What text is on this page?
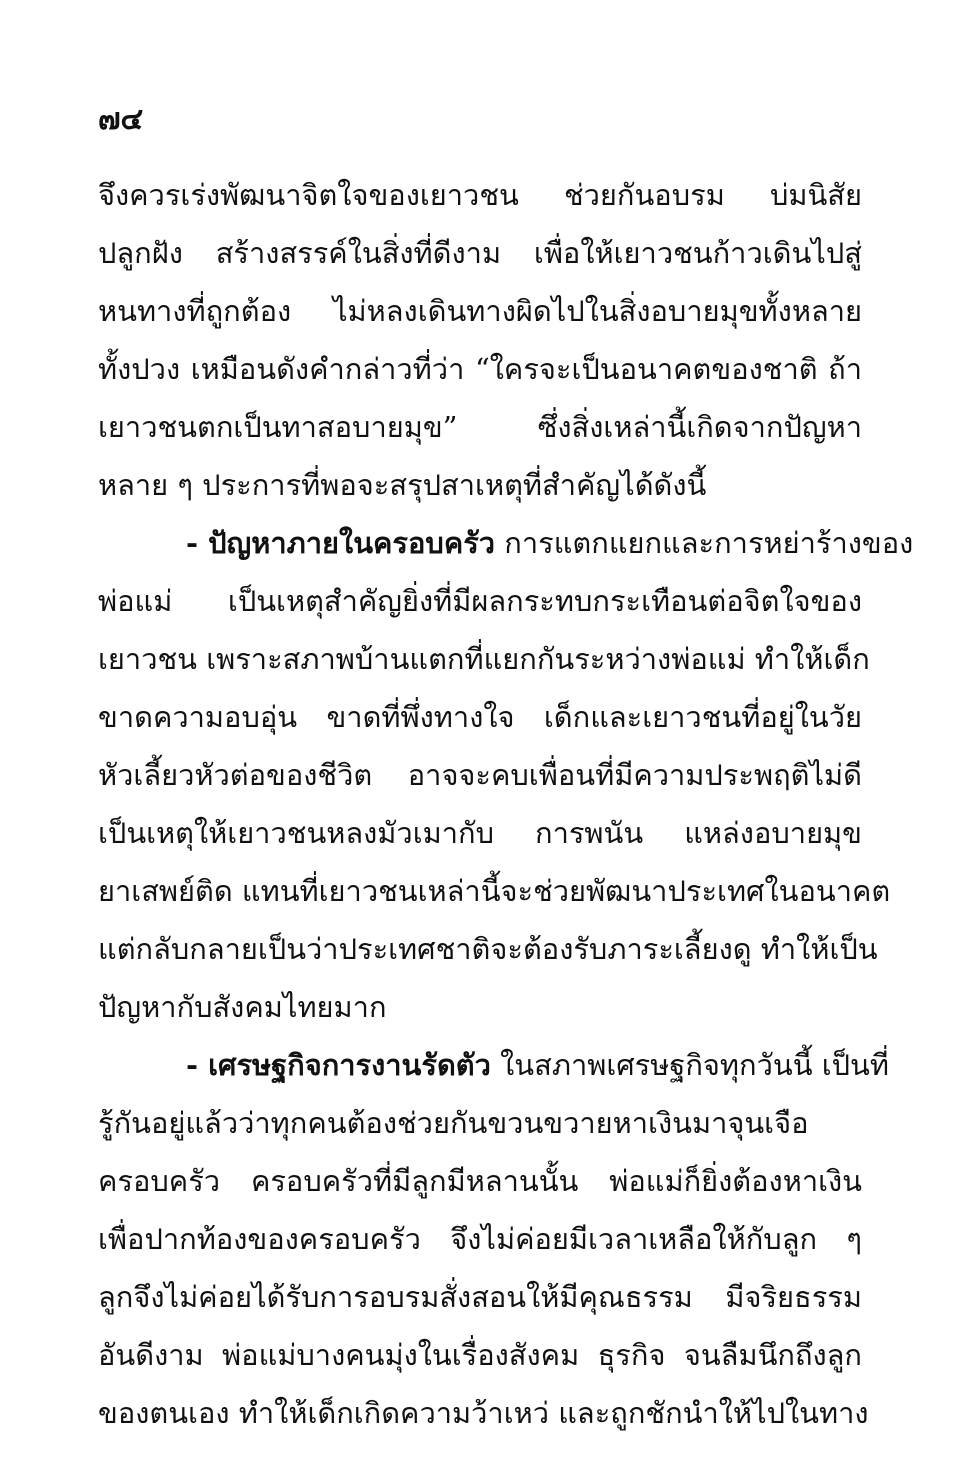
๗๔
จึงควรเร่งพัฒนาจิตใจของเยาวชน ช่วยกันอบรม บ่มนิสัย
ปลูกฝัง สร้างสรรค์ในสิ่งที่ดีงาม เพื่อให้เยาวชนก้าวเดินไปสู่
หนทางที่ถูกต้อง ไม่หลงเดินทางผิดไปในสิ่งอบายมุขทั้งหลาย
ทั้งปวง เหมือนดังคำกล่าวที่ว่า “ใครจะเป็นอนาคตของชาติ ถ้า
เยาวชนตกเป็นทาสอบายมุข” ซึ่งสิ่งเหล่านี้เกิดจากปัญหา
หลาย ๆ ประการที่พอจะสรุปสาเหตุที่สำคัญได้ดังนี้
- ปัญหาภายในครอบครัว การแตกแยกและการหย่าร้างของ
พ่อแม่ เป็นเหตุสำคัญยิ่งที่มีผลกระทบกระเทือนต่อจิตใจของ
เยาวชน เพราะสภาพบ้านแตกที่แยกกันระหว่างพ่อแม่ ทำให้เด็ก
ขาดความอบอุ่น ขาดที่พึ่งทางใจ เด็กและเยาวชนที่อยู่ในวัย
หัวเลี้ยวหัวต่อของชีวิต อาจจะคบเพื่อนที่มีความประพฤติไม่ดี
เป็นเหตุให้เยาวชนหลงมัวเมากับ การพนัน แหล่งอบายมุข
ยาเสพย์ติด แทนที่เยาวชนเหล่านี้จะช่วยพัฒนาประเทศในอนาคต
แต่กลับกลายเป็นว่าประเทศชาติจะต้องรับภาระเลี้ยงดู ทำให้เป็น
ปัญหากับสังคมไทยมาก
- เศรษฐกิจการงานรัดตัว ในสภาพเศรษฐกิจทุกวันนี้ เป็นที่
รู้กันอยู่แล้วว่าทุกคนต้องช่วยกันขวนขวายหาเงินมาจุนเจือ
ครอบครัว ครอบครัวที่มีลูกมีหลานนั้น พ่อแม่ก็ยิ่งต้องหาเงิน
เพื่อปากท้องของครอบครัว จึงไม่ค่อยมีเวลาเหลือให้กับลูก ๆ
ลูกจึงไม่ค่อยได้รับการอบรมสั่งสอนให้มีคุณธรรม มีจริยธรรม
อันดีงาม พ่อแม่บางคนมุ่งในเรื่องสังคม ธุรกิจ จนลืมนึกถึงลูก
ของตนเอง ทำให้เด็กเกิดความว้าเหว่ และถูกชักนำให้ไปในทาง
